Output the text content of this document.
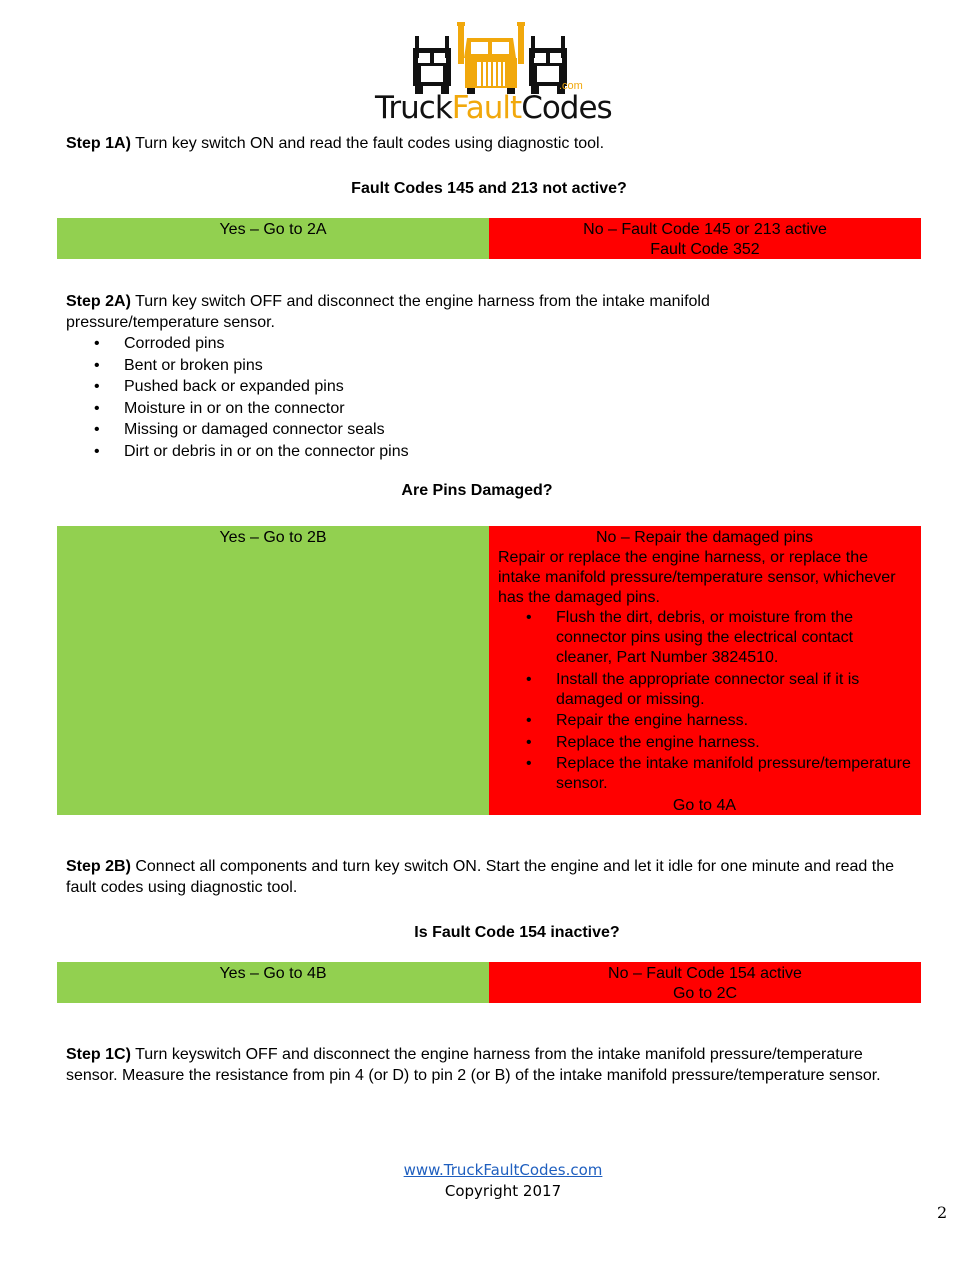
TruckFaultCodes
.com
Step 1A) Turn key switch ON and read the fault codes using diagnostic tool.
Fault Codes 145 and 213 not active?
Yes – Go to 2A	No – Fault Code 145 or 213 active
Fault Code 352
Step 2A) Turn key switch OFF and disconnect the engine harness from the intake manifold pressure/temperature sensor.
• Corroded pins
• Bent or broken pins
• Pushed back or expanded pins
• Moisture in or on the connector
• Missing or damaged connector seals
• Dirt or debris in or on the connector pins
Are Pins Damaged?
Yes – Go to 2B	No – Repair the damaged pins
Repair or replace the engine harness, or replace the intake manifold pressure/temperature sensor, whichever has the damaged pins.
• Flush the dirt, debris, or moisture from the connector pins using the electrical contact cleaner, Part Number 3824510.
• Install the appropriate connector seal if it is damaged or missing.
• Repair the engine harness.
• Replace the engine harness.
• Replace the intake manifold pressure/temperature sensor.
Go to 4A
Step 2B) Connect all components and turn key switch ON. Start the engine and let it idle for one minute and read the fault codes using diagnostic tool.
Is Fault Code 154 inactive?
Yes – Go to 4B	No – Fault Code 154 active
Go to 2C
Step 1C) Turn keyswitch OFF and disconnect the engine harness from the intake manifold pressure/temperature sensor. Measure the resistance from pin 4 (or D) to pin 2 (or B) of the intake manifold pressure/temperature sensor.
www.TruckFaultCodes.com
Copyright 2017
2
